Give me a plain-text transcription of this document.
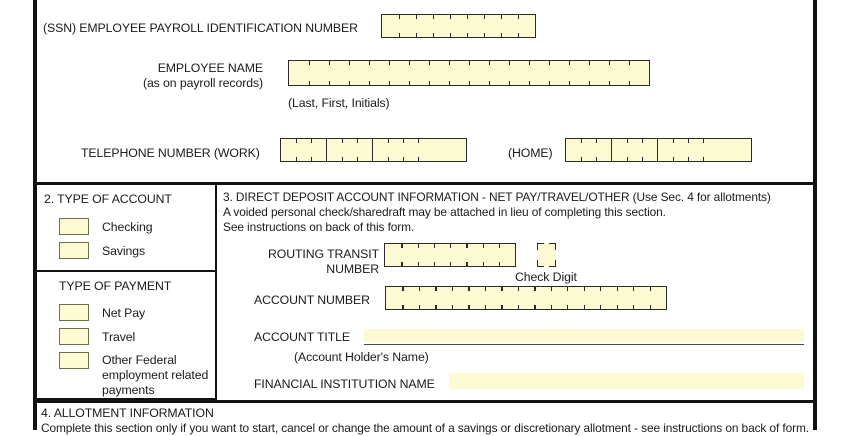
(SSN) EMPLOYEE PAYROLL IDENTIFICATION NUMBER
EMPLOYEE NAME
(as on payroll records)
(Last, First, Initials)
TELEPHONE NUMBER (WORK)	(HOME)
2. TYPE OF ACCOUNT
Checking
Savings
TYPE OF PAYMENT
Net Pay
Travel
Other Federal
employment related
payments
3. DIRECT DEPOSIT ACCOUNT INFORMATION - NET PAY/TRAVEL/OTHER (Use Sec. 4 for allotments)
A voided personal check/sharedraft may be attached in lieu of completing this section.
See instructions on back of this form.
ROUTING TRANSIT
NUMBER
Check Digit
ACCOUNT NUMBER
ACCOUNT TITLE
(Account Holder's Name)
FINANCIAL INSTITUTION NAME
4. ALLOTMENT INFORMATION
Complete this section only if you want to start, cancel or change the amount of a savings or discretionary allotment - see instructions on back of form.
